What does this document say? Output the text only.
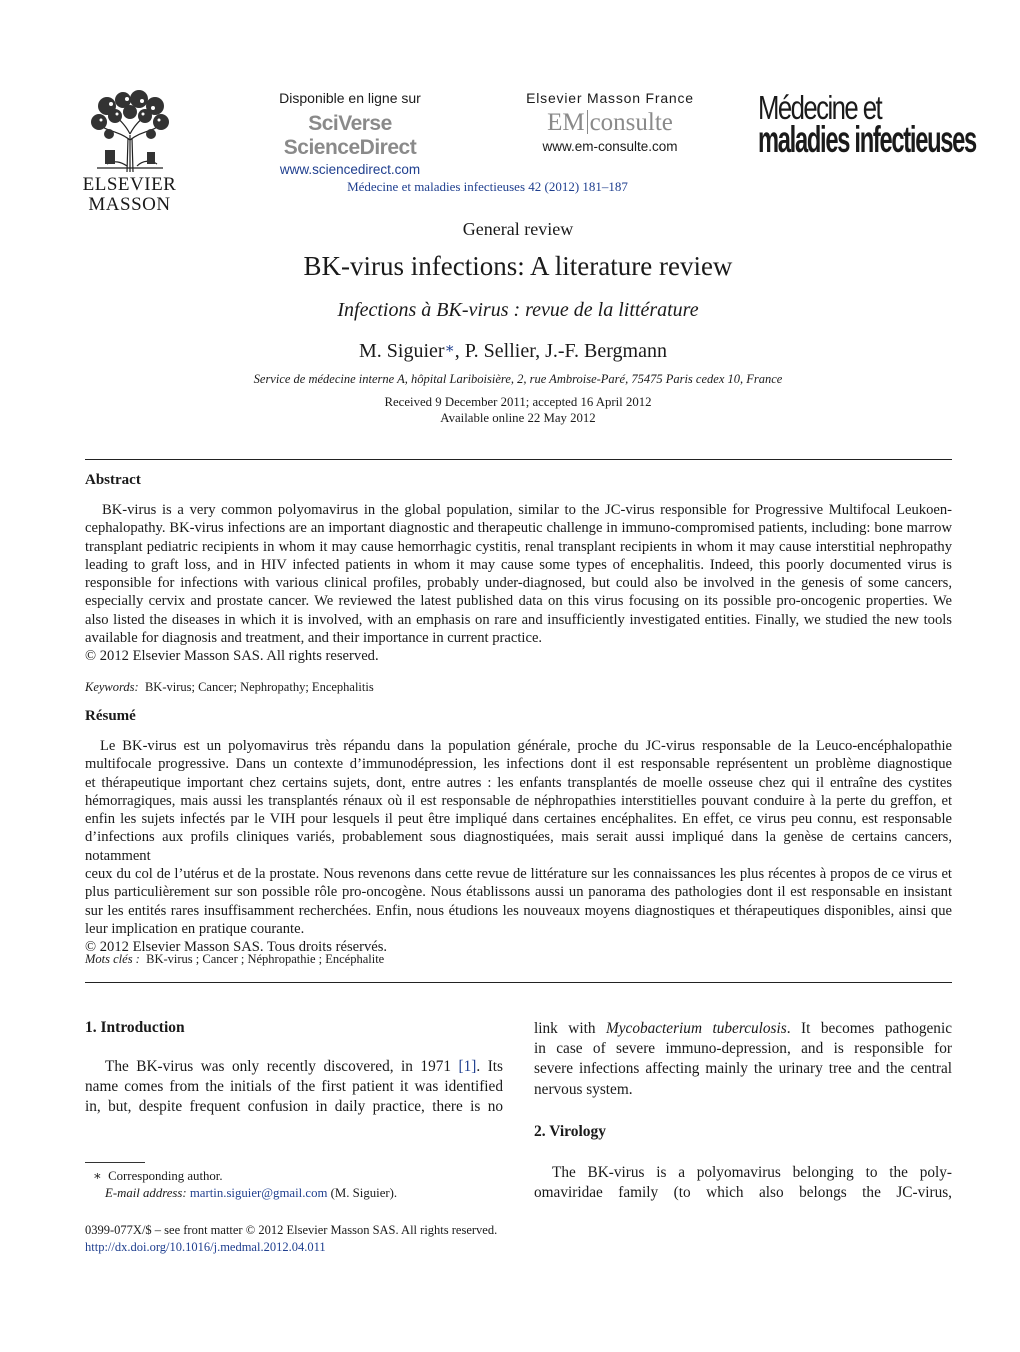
ELSEVIER
MASSON
Disponible en ligne sur
SciVerse ScienceDirect
www.sciencedirect.com
Elsevier Masson France
EM consulte
www.em-consulte.com
Médecine et
maladies infectieuses
Médecine et maladies infectieuses 42 (2012) 181–187
General review
BK-virus infections: A literature review
Infections à BK-virus : revue de la littérature
M. Siguier∗, P. Sellier, J.-F. Bergmann
Service de médecine interne A, hôpital Lariboisière, 2, rue Ambroise-Paré, 75475 Paris cedex 10, France
Received 9 December 2011; accepted 16 April 2012
Available online 22 May 2012
Abstract
BK-virus is a very common polyomavirus in the global population, similar to the JC-virus responsible for Progressive Multifocal Leukoen-
cephalopathy. BK-virus infections are an important diagnostic and therapeutic challenge in immuno-compromised patients, including: bone marrow
transplant pediatric recipients in whom it may cause hemorrhagic cystitis, renal transplant recipients in whom it may cause interstitial nephropathy
leading to graft loss, and in HIV infected patients in whom it may cause some types of encephalitis. Indeed, this poorly documented virus is
responsible for infections with various clinical profiles, probably under-diagnosed, but could also be involved in the genesis of some cancers,
especially cervix and prostate cancer. We reviewed the latest published data on this virus focusing on its possible pro-oncogenic properties. We
also listed the diseases in which it is involved, with an emphasis on rare and insufficiently investigated entities. Finally, we studied the new tools
available for diagnosis and treatment, and their importance in current practice.
© 2012 Elsevier Masson SAS. All rights reserved.
Keywords: BK-virus; Cancer; Nephropathy; Encephalitis
Résumé
Le BK-virus est un polyomavirus très répandu dans la population générale, proche du JC-virus responsable de la Leuco-encéphalopathie
multifocale progressive. Dans un contexte d’immunodépression, les infections dont il est responsable représentent un problème diagnostique
et thérapeutique important chez certains sujets, dont, entre autres : les enfants transplantés de moelle osseuse chez qui il entraîne des cystites
hémorragiques, mais aussi les transplantés rénaux où il est responsable de néphropathies interstitielles pouvant conduire à la perte du greffon, et
enfin les sujets infectés par le VIH pour lesquels il peut être impliqué dans certaines encéphalites. En effet, ce virus peu connu, est responsable
d’infections aux profils cliniques variés, probablement sous diagnostiquées, mais serait aussi impliqué dans la genèse de certains cancers, notamment
ceux du col de l’utérus et de la prostate. Nous revenons dans cette revue de littérature sur les connaissances les plus récentes à propos de ce virus et
plus particulièrement sur son possible rôle pro-oncogène. Nous établissons aussi un panorama des pathologies dont il est responsable en insistant
sur les entités rares insuffisamment recherchées. Enfin, nous étudions les nouveaux moyens diagnostiques et thérapeutiques disponibles, ainsi que
leur implication en pratique courante.
© 2012 Elsevier Masson SAS. Tous droits réservés.
Mots clés : BK-virus ; Cancer ; Néphropathie ; Encéphalite
1. Introduction
The BK-virus was only recently discovered, in 1971 [1]. Its
name comes from the initials of the first patient it was identified
in, but, despite frequent confusion in daily practice, there is no
link with Mycobacterium tuberculosis. It becomes pathogenic
in case of severe immuno-depression, and is responsible for
severe infections affecting mainly the urinary tree and the central
nervous system.
2. Virology
The BK-virus is a polyomavirus belonging to the poly-
omaviridae family (to which also belongs the JC-virus,
∗ Corresponding author.
E-mail address: martin.siguier@gmail.com (M. Siguier).
0399-077X/$ – see front matter © 2012 Elsevier Masson SAS. All rights reserved.
http://dx.doi.org/10.1016/j.medmal.2012.04.011
